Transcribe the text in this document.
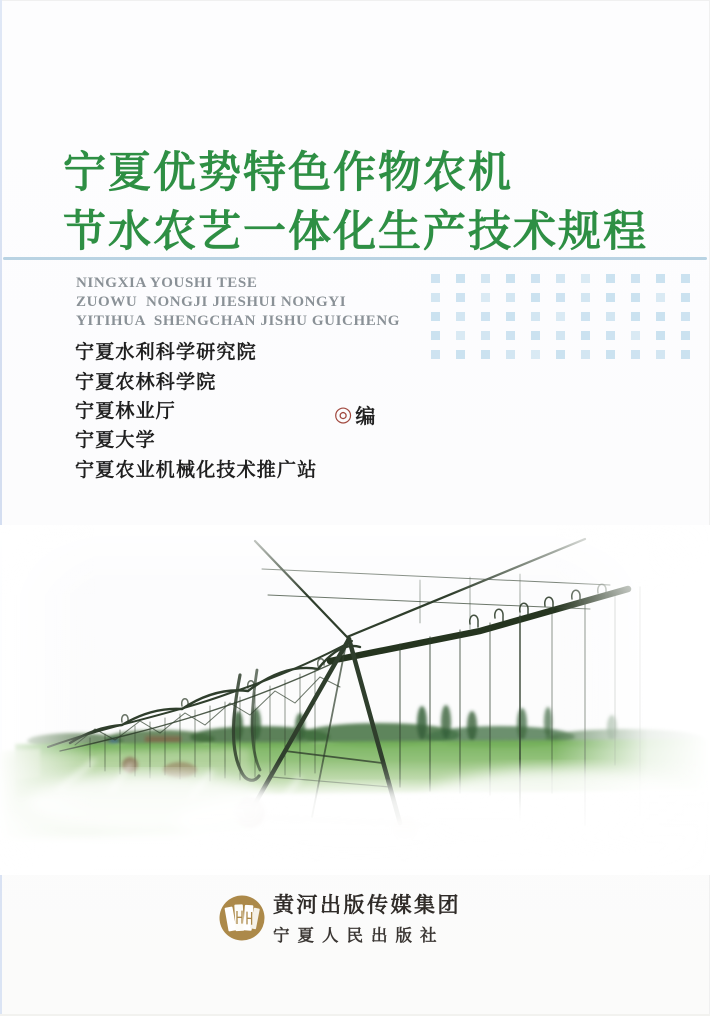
宁夏优势特色作物农机
节水农艺一体化生产技术规程
NINGXIA YOUSHI TESE
ZUOWU  NONGJI JIESHUI NONGYI
YITIHUA  SHENGCHAN JISHU GUICHENG
宁夏水利科学研究院
宁夏农林科学院
宁夏林业厅
宁夏大学
宁夏农业机械化技术推广站
◎ 编
黄河出版传媒集团
宁夏人民出版社
